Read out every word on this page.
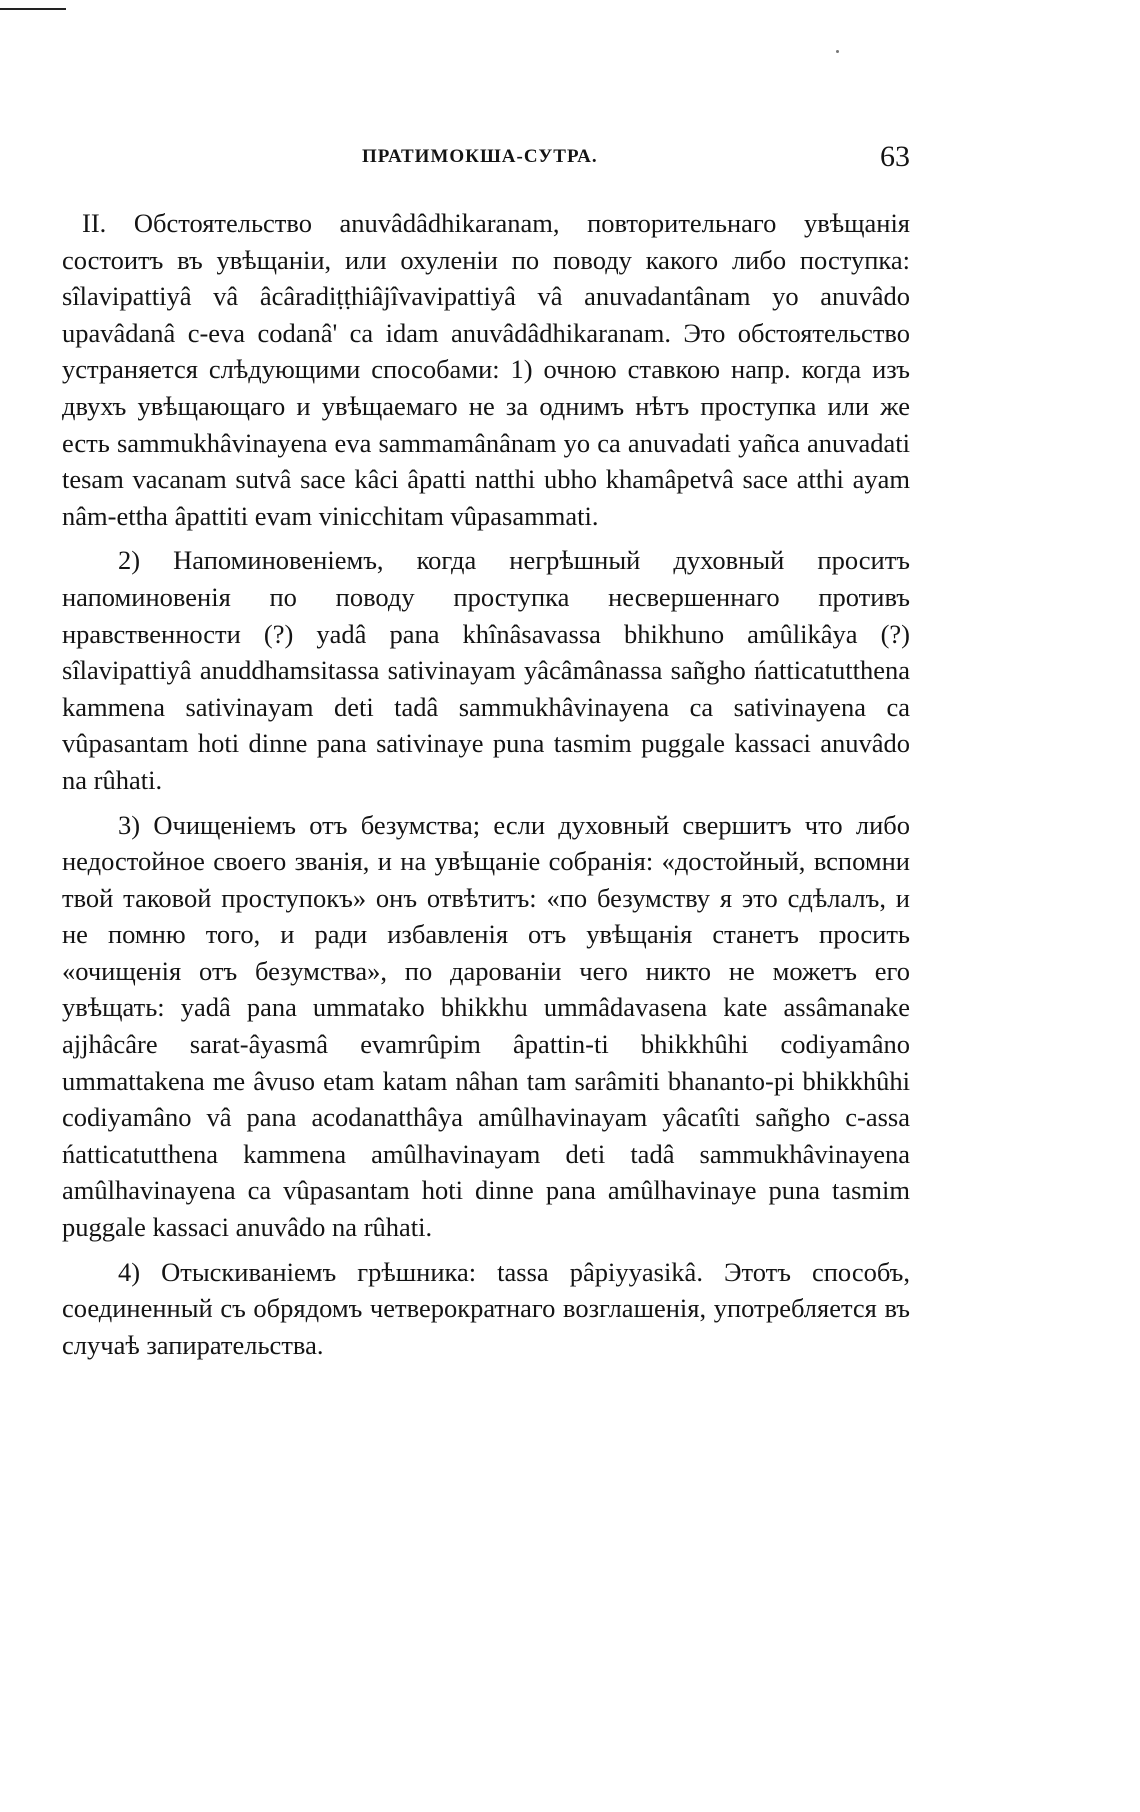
ПРАТИМОКША-СУТРА.	63

II. Обстоятельство anuvâdâdhikaranam, повторительнаго увѣщанія состоитъ въ увѣщаніи, или охуленіи по поводу какого либо поступка: sîlavipattiyâ vâ âcâradiṭṭhiâjîvavipattiyâ vâ anuvadantânam yo anuvâdo upavâdanâ c-eva codanâ' ca idam anuvâdâdhikaranam. Это обстоятельство устраняется слѣдующими способами: 1) очною ставкою напр. когда изъ двухъ увѣщающаго и увѣщаемаго не за однимъ нѣтъ проступка или же есть sammukhâvinayena eva sammamânânam yo ca anuvadati yañca anuvadati tesam vacanam sutvâ sace kâci âpatti natthi ubho khamâpetvâ sace atthi ayam nâm-ettha âpattiti evam vinicchitam vûpasammati.

2) Напоминовеніемъ, когда негрѣшный духовный проситъ напоминовенія по поводу проступка несвершеннаго противъ нравственности (?) yadâ pana khînâsavassa bhikhuno amûlikâya (?) sîlavipattiyâ anuddhamsitassa sativinayam yâcâmânassa sañgho ńatticatutthena kammena sativinayam deti tadâ sammukhâvinayena ca sativinayena ca vûpasantam hoti dinne pana sativinaye puna tasmim puggale kassaci anuvâdo na rûhati.

3) Очищеніемъ отъ безумства; если духовный свершитъ что либо недостойное своего званія, и на увѣщаніе собранія: «достойный, вспомни твой таковой проступокъ» онъ отвѣтитъ: «по безумству я это сдѣлалъ, и не помню того, и ради избавленія отъ увѣщанія станетъ просить «очищенія отъ безумства», по дарованіи чего никто не можетъ его увѣщать: yadâ pana ummatako bhikkhu ummâdavasena kate assâmanake ajjhâcâre sarat-âyasmâ evamrûpim âpattin-ti bhikkhûhi codiyamâno ummattakena me âvuso etam katam nâhan tam sarâmiti bhananto-pi bhikkhûhi codiyamâno vâ pana acodanatthâya amûlhavinayam yâcatîti sañgho c-assa ńatticatutthena kammena amûlhavinayam deti tadâ sammukhâvinayena amûlhavinayena ca vûpasantam hoti dinne pana amûlhavinaye puna tasmim puggale kassaci anuvâdo na rûhati.

4) Отыскиваніемъ грѣшника: tassa pâpiyyasikâ. Этотъ способъ, соединенный съ обрядомъ четверократнаго возглашенія, употребляется въ случаѣ запирательства.
